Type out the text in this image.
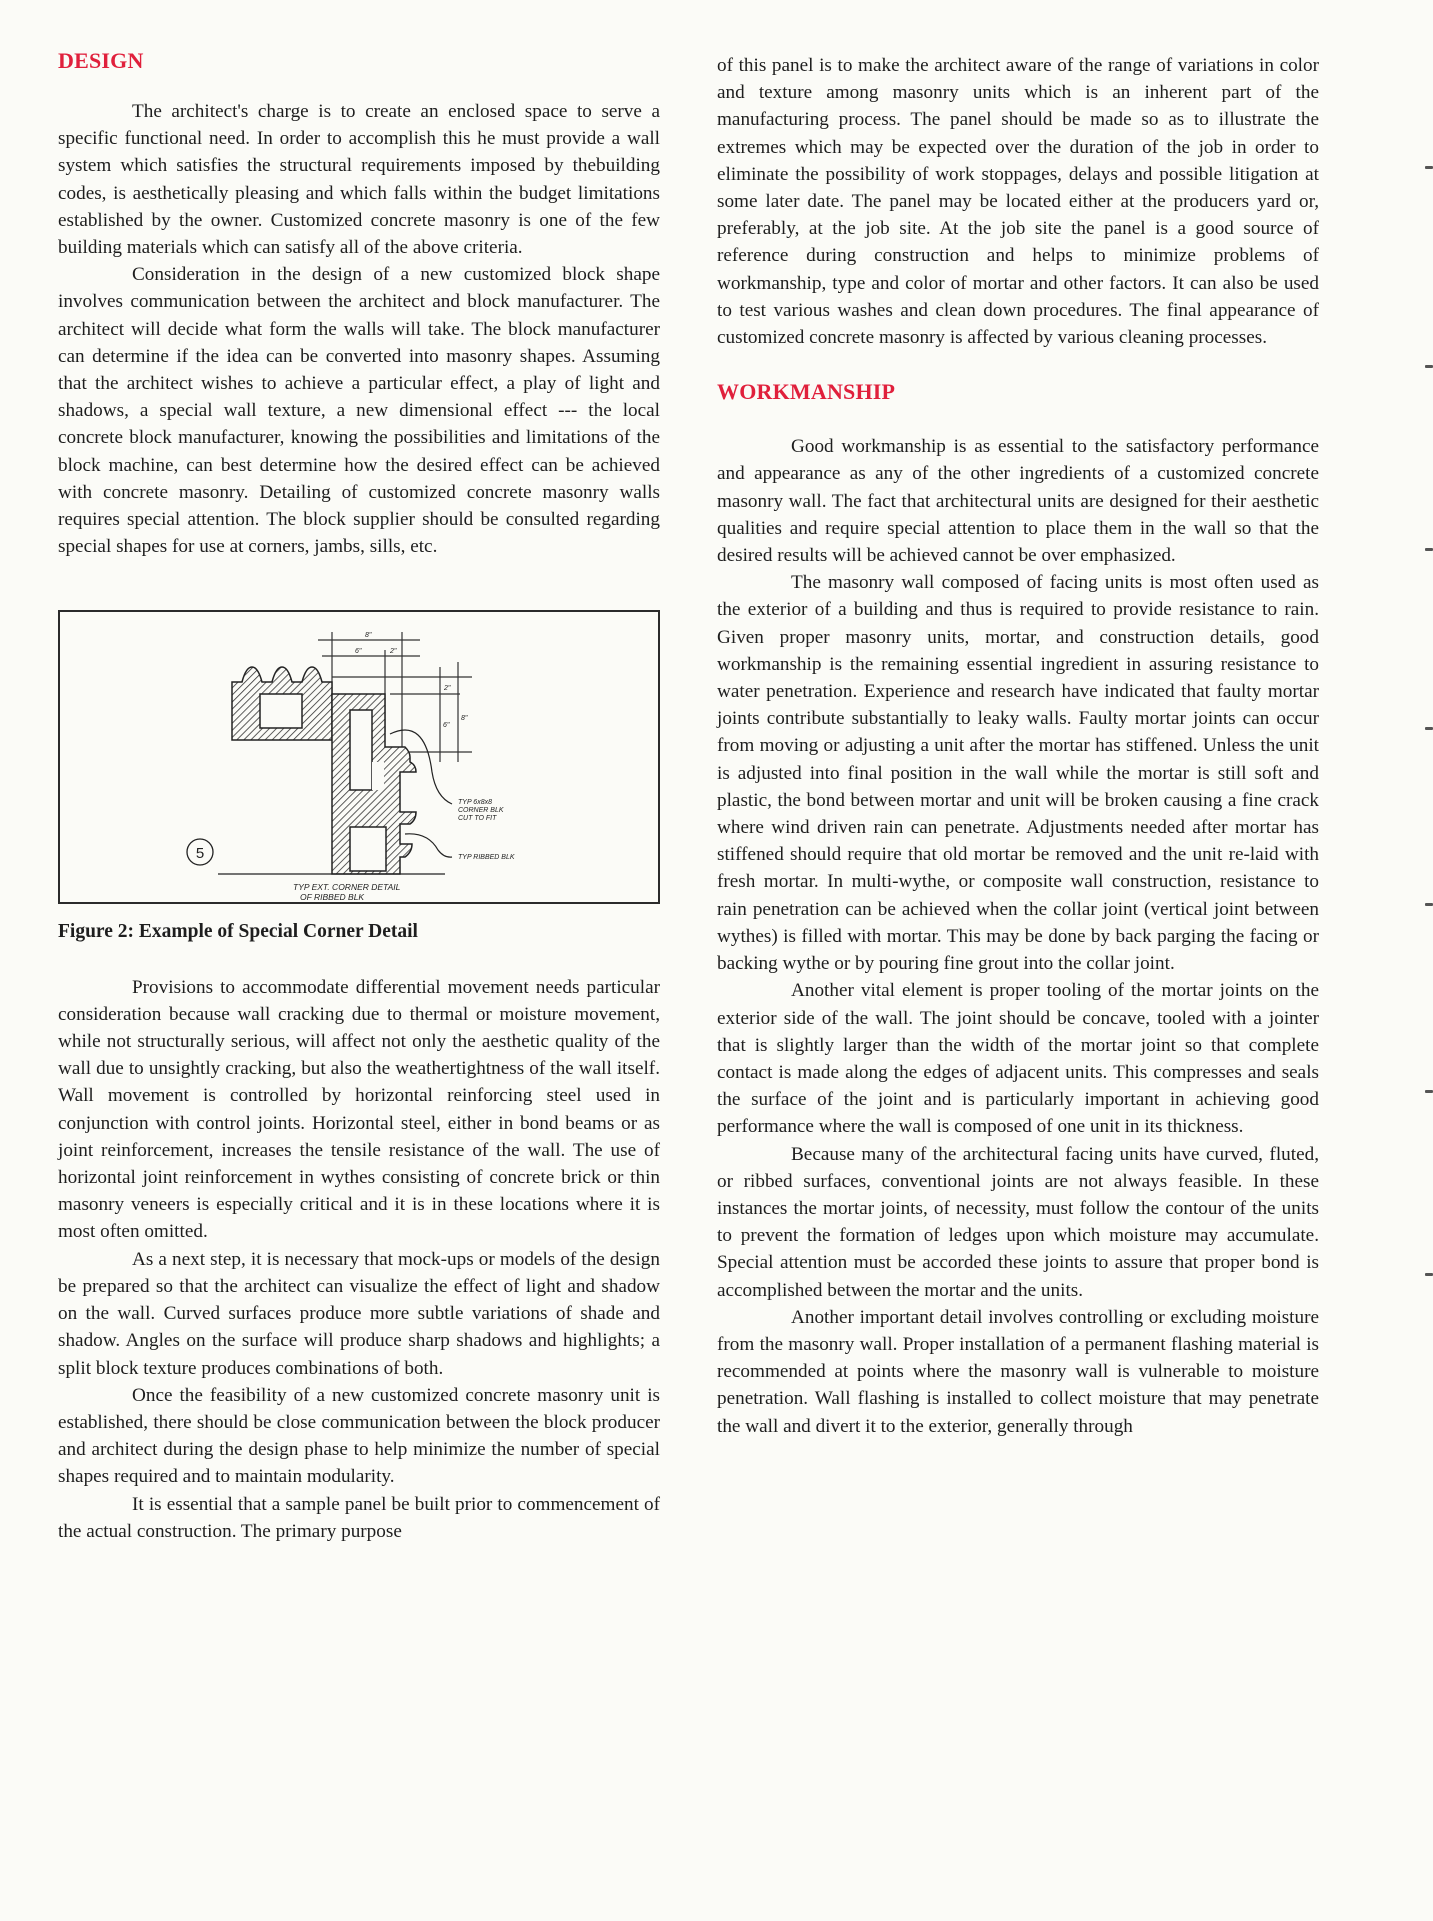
DESIGN

The architect's charge is to create an enclosed space to serve a specific functional need. In order to accomplish this he must provide a wall system which satisfies the structural requirements imposed by thebuilding codes, is aesthetically pleasing and which falls within the budget limitations established by the owner. Customized concrete masonry is one of the few building materials which can satisfy all of the above criteria.

Consideration in the design of a new customized block shape involves communication between the architect and block manufacturer. The architect will decide what form the walls will take. The block manufacturer can determine if the idea can be converted into masonry shapes. Assuming that the architect wishes to achieve a particular effect, a play of light and shadows, a special wall texture, a new dimensional effect --- the local concrete block manufacturer, knowing the possibilities and limitations of the block machine, can best determine how the desired effect can be achieved with concrete masonry. Detailing of customized concrete masonry walls requires special attention. The block supplier should be consulted regarding special shapes for use at corners, jambs, sills, etc.

5
TYP EXT. CORNER DETAIL
OF RIBBED BLK
TYP 6x8x8
CORNER BLK
CUT TO FIT
TYP RIBBED BLK
8"
6"	2"
2"
6"
8"
Figure 2: Example of Special Corner Detail

Provisions to accommodate differential movement needs particular consideration because wall cracking due to thermal or moisture movement, while not structurally serious, will affect not only the aesthetic quality of the wall due to unsightly cracking, but also the weathertightness of the wall itself. Wall movement is controlled by horizontal reinforcing steel used in conjunction with control joints. Horizontal steel, either in bond beams or as joint reinforcement, increases the tensile resistance of the wall. The use of horizontal joint reinforcement in wythes consisting of concrete brick or thin masonry veneers is especially critical and it is in these locations where it is most often omitted.

As a next step, it is necessary that mock-ups or models of the design be prepared so that the architect can visualize the effect of light and shadow on the wall. Curved surfaces produce more subtle variations of shade and shadow. Angles on the surface will produce sharp shadows and highlights; a split block texture produces combinations of both.

Once the feasibility of a new customized concrete masonry unit is established, there should be close communication between the block producer and architect during the design phase to help minimize the number of special shapes required and to maintain modularity.

It is essential that a sample panel be built prior to commencement of the actual construction. The primary purpose

of this panel is to make the architect aware of the range of variations in color and texture among masonry units which is an inherent part of the manufacturing process. The panel should be made so as to illustrate the extremes which may be expected over the duration of the job in order to eliminate the possibility of work stoppages, delays and possible litigation at some later date. The panel may be located either at the producers yard or, preferably, at the job site. At the job site the panel is a good source of reference during construction and helps to minimize problems of workmanship, type and color of mortar and other factors. It can also be used to test various washes and clean down procedures. The final appearance of customized concrete masonry is affected by various cleaning processes.

WORKMANSHIP

Good workmanship is as essential to the satisfactory performance and appearance as any of the other ingredients of a customized concrete masonry wall. The fact that architectural units are designed for their aesthetic qualities and require special attention to place them in the wall so that the desired results will be achieved cannot be over emphasized.

The masonry wall composed of facing units is most often used as the exterior of a building and thus is required to provide resistance to rain. Given proper masonry units, mortar, and construction details, good workmanship is the remaining essential ingredient in assuring resistance to water penetration. Experience and research have indicated that faulty mortar joints contribute substantially to leaky walls. Faulty mortar joints can occur from moving or adjusting a unit after the mortar has stiffened. Unless the unit is adjusted into final position in the wall while the mortar is still soft and plastic, the bond between mortar and unit will be broken causing a fine crack where wind driven rain can penetrate. Adjustments needed after mortar has stiffened should require that old mortar be removed and the unit re-laid with fresh mortar. In multi-wythe, or composite wall construction, resistance to rain penetration can be achieved when the collar joint (vertical joint between wythes) is filled with mortar. This may be done by back parging the facing or backing wythe or by pouring fine grout into the collar joint.

Another vital element is proper tooling of the mortar joints on the exterior side of the wall. The joint should be concave, tooled with a jointer that is slightly larger than the width of the mortar joint so that complete contact is made along the edges of adjacent units. This compresses and seals the surface of the joint and is particularly important in achieving good performance where the wall is composed of one unit in its thickness.

Because many of the architectural facing units have curved, fluted, or ribbed surfaces, conventional joints are not always feasible. In these instances the mortar joints, of necessity, must follow the contour of the units to prevent the formation of ledges upon which moisture may accumulate. Special attention must be accorded these joints to assure that proper bond is accomplished between the mortar and the units.

Another important detail involves controlling or excluding moisture from the masonry wall. Proper installation of a permanent flashing material is recommended at points where the masonry wall is vulnerable to moisture penetration. Wall flashing is installed to collect moisture that may penetrate the wall and divert it to the exterior, generally through
